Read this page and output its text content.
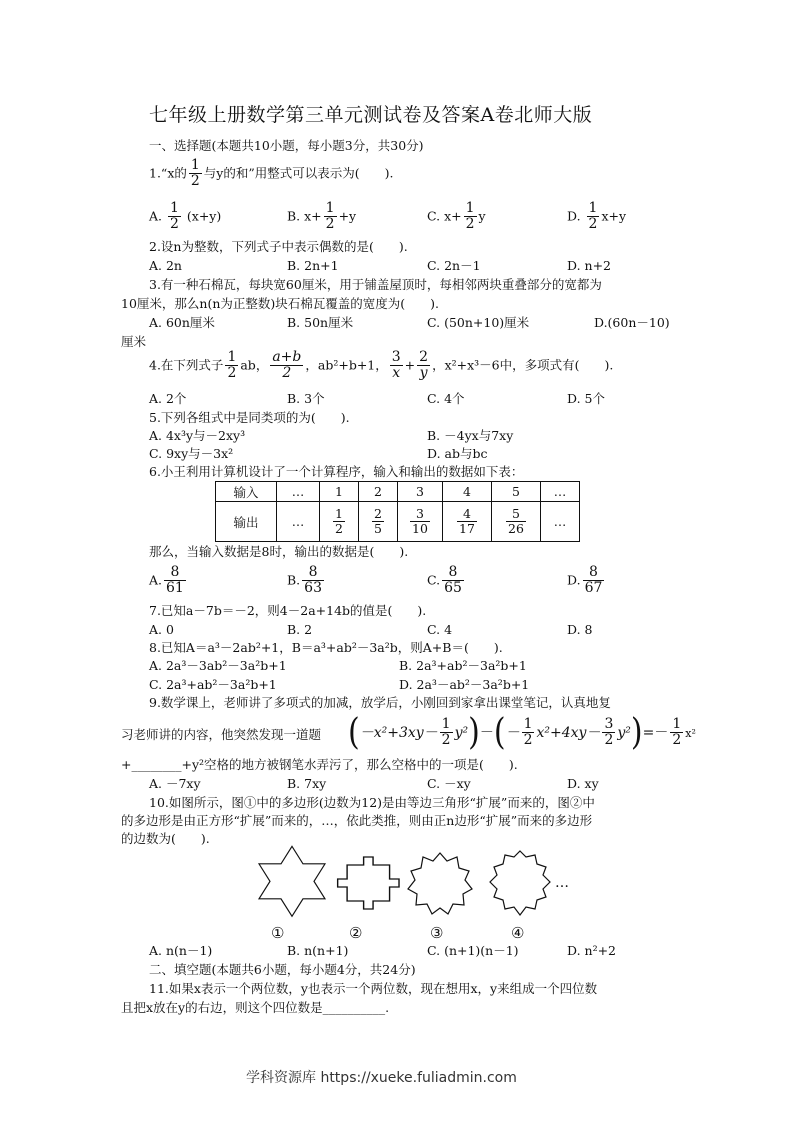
七年级上册数学第三单元测试卷及答案A卷北师大版
一、选择题(本题共10小题，每小题3分，共30分)
1.“x的 $\frac{1}{2}$ 与y的和”用整式可以表示为(　　).
A. $\frac{1}{2} (x+y)$	B. $x+ \frac{1}{2} +y$	C. $x+ \frac{1}{2}$ y	D. $\frac{1}{2} x+y$
2.设n为整数，下列式子中表示偶数的是(　　).
A. 2n	B. 2n+1	C. 2n－1	D. n+2
3.有一种石棉瓦，每块宽60厘米，用于铺盖屋顶时，每相邻两块重叠部分的宽都为
10厘米，那么n(n为正整数)块石棉瓦覆盖的宽度为(　　).
A. 60n厘米	B. 50n厘米	C. (50n+10)厘米	D.(60n－10)
厘米
4.在下列式子 $\frac{1}{2}$ ab， $\frac{a+b}{2}$ ，ab²+b+1， $\frac{3}{x} + \frac{2}{y}$ ，x²+x³－6中，多项式有(　　).
A. 2个	B. 3个	C. 4个	D. 5个
5.下列各组式中是同类项的为(　　).
A. 4x³y与－2xy³	B. －4yx与7xy
C. 9xy与－3x²	D. ab与bc
6.小王利用计算机设计了一个计算程序，输入和输出的数据如下表：
输入	…	1	2	3	4	5	…
输出	…	$\frac{1}{2}$	$\frac{2}{5}$	$\frac{3}{10}$	$\frac{4}{17}$	$\frac{5}{26}$	…
那么，当输入数据是8时，输出的数据是(　　).
A. $\frac{8}{61}$	B. $\frac{8}{63}$	C. $\frac{8}{65}$	D. $\frac{8}{67}$
7.已知a－7b＝－2，则4－2a+14b的值是(　　).
A. 0	B. 2	C. 4	D. 8
8.已知A＝a³－2ab²+1，B＝a³+ab²－3a²b，则A+B＝(　　).
A. 2a³－3ab²－3a²b+1	B. 2a³+ab²－3a²b+1
C. 2a³+ab²－3a²b+1	D. 2a³－ab²－3a²b+1
9.数学课上，老师讲了多项式的加减，放学后，小刚回到家拿出课堂笔记，认真地复
习老师讲的内容，他突然发现一道题 $(-x^2+3xy- \frac{1}{2} y^2)-(- \frac{1}{2} x^2+4xy- \frac{3}{2} y^2)=- \frac{1}{2} x^2$
+________+y²空格的地方被钢笔水弄污了，那么空格中的一项是(　　).
A. －7xy	B. 7xy	C. －xy	D. xy
10.如图所示，图①中的多边形(边数为12)是由等边三角形“扩展”而来的，图②中
的多边形是由正方形“扩展”而来的，…，依此类推，则由正n边形“扩展”而来的多边形
的边数为(　　).
…
①	②	③	④
A. n(n－1)	B. n(n+1)	C. (n+1)(n－1)	D. n²+2
二、填空题(本题共6小题，每小题4分，共24分)
11.如果x表示一个两位数，y也表示一个两位数，现在想用x，y来组成一个四位数
且把x放在y的右边，则这个四位数是__________.
学科资源库 https://xueke.fuliadmin.com
